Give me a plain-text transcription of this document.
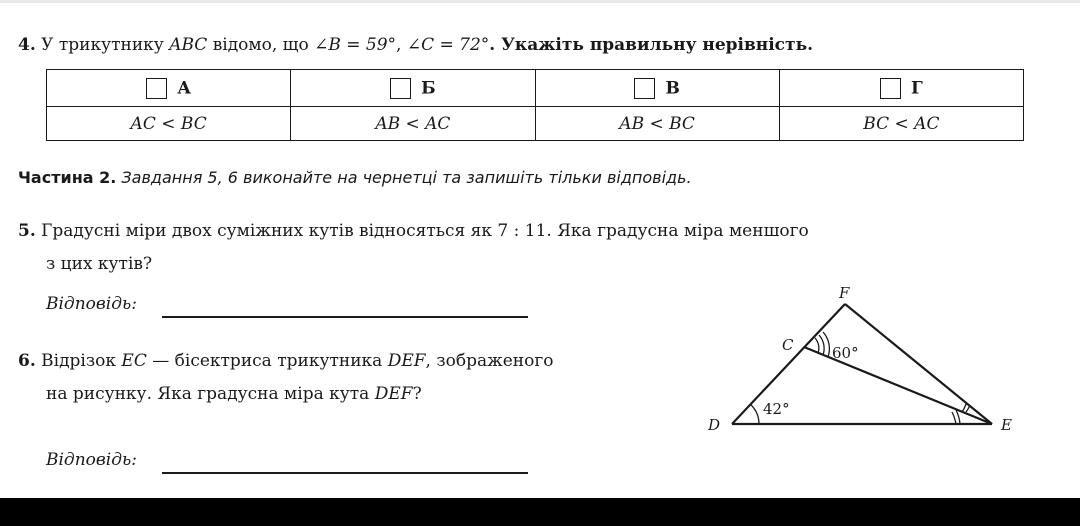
4. У трикутнику ABC відомо, що ∠B = 59°, ∠C = 72°. Укажіть правильну нерівність.
А	Б	В	Г
AC < BC	AB < AC	AB < BC	BC < AC
Частина 2. Завдання 5, 6 виконайте на чернетці та запишіть тільки відповідь.
5. Градусні міри двох суміжних кутів відносяться як 7 : 11. Яка градусна міра меншого
з цих кутів?
Відповідь:
6. Відрізок EC — бісектриса трикутника DEF, зображеного
на рисунку. Яка градусна міра кута DEF?
Відповідь:
F
C
D	E
60°
42°
